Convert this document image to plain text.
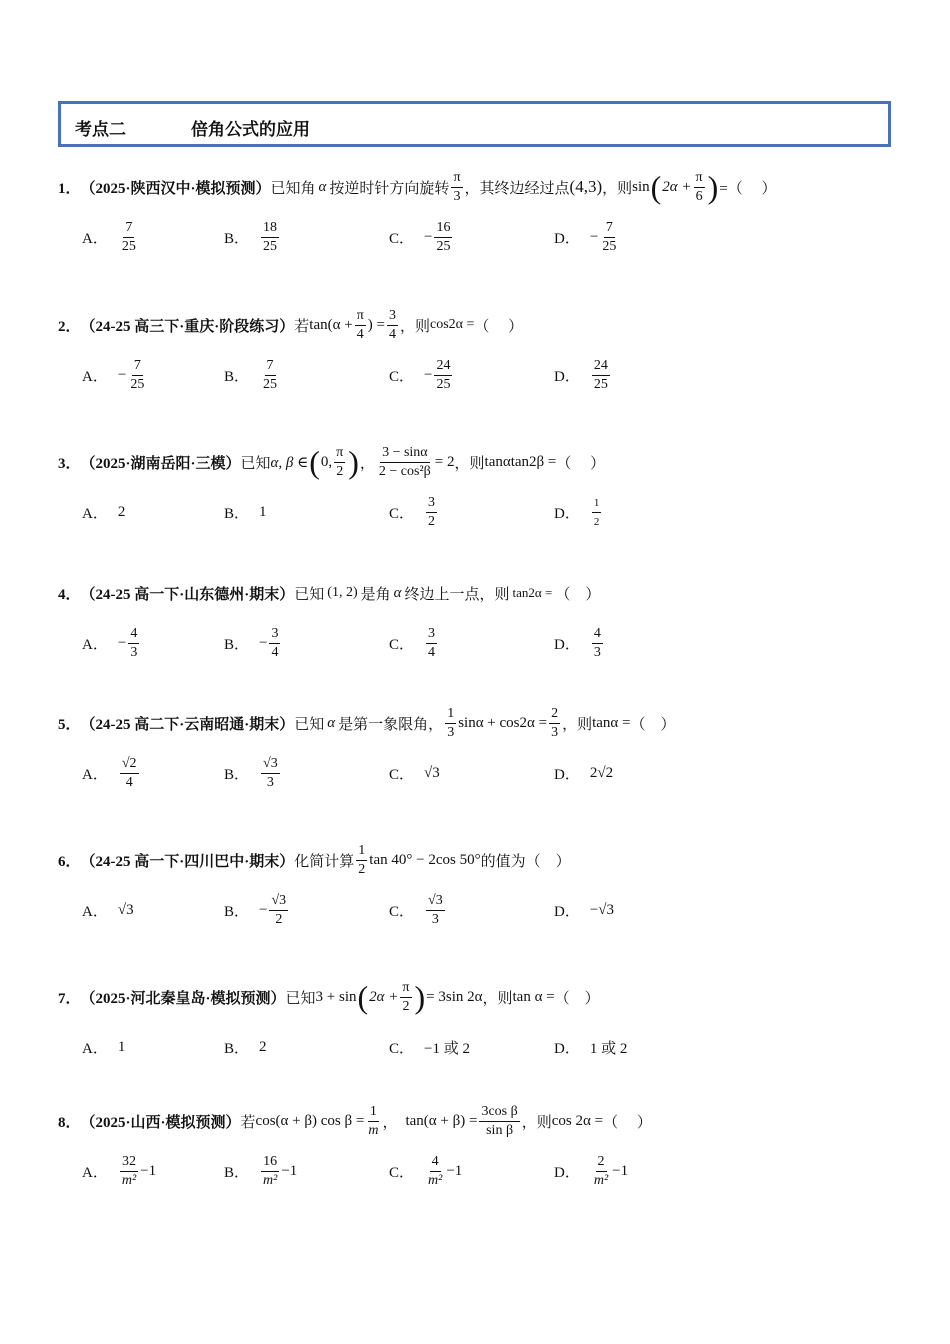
考点二	倍角公式的应用
1． （2025·陕西汉中·模拟预测） 已知角 α 按逆时针方向旋转 $\frac{\pi}{3}$ ，其终边经过点 (4,3) ，则 sin ( $2\alpha + \frac{\pi}{6}$ ) =（　 ）
A． $\frac{7}{25}$	B． $\frac{18}{25}$	C． − $\frac{16}{25}$	D． − $\frac{7}{25}$
2． （24-25 高三下·重庆·阶段练习） 若 $\tan(\alpha + \frac{\pi}{4}$ ) = $\frac{3}{4}$ ，则 cos2α = （　 ）
A． − $\frac{7}{25}$	B． $\frac{7}{25}$	C． − $\frac{24}{25}$	D． $\frac{24}{25}$
3． （2025·湖南岳阳·三模） 已知 α, β ∈ ( 0, $\frac{\pi}{2}$ ) ， $\frac{3 - \sin\alpha}{\text{2 − cos²β}} = 2$ ，则 tanαtan2β = （　 ）
A． 2	B． 1	C． $\frac{3}{2}$	D． $\frac{1}{2}$
4． （24-25 高一下·山东德州·期末） 已知 (1, 2) 是角 α 终边上一点，则 tan2α = （　）
A． − $\frac{4}{3}$	B． − $\frac{3}{4}$	C． $\frac{3}{4}$	D． $\frac{4}{3}$
5． （24-25 高二下·云南昭通·期末） 已知 α 是第一象限角， $\frac{1}{3}$ $\sin\alpha + \cos 2\alpha = \frac{2}{3}$ ，则 tanα = （　）
A． $\frac{√2}{4}$	B． $\frac{√3}{3}$	C． √3	D． 2√2
6． （24-25 高一下·四川巴中·期末） 化简计算 $\frac{1}{2}$ tan 40° − 2cos 50° 的值为（　）
A． √3	B． − $\frac{√3}{2}$	C． $\frac{√3}{3}$	D． −√3
7． （2025·河北秦皇岛·模拟预测） 已知 3 + sin ( $2\alpha + \frac{\pi}{2}$ ) = 3sin 2α ，则 tan α = （　）
A． 1	B． 2	C． −1 或 2	D． 1 或 2
8． （2025·山西·模拟预测） 若 cos(α + β) $\cos \beta = \frac{1}{m}$ ， $\tan(\alpha + \beta) = \frac{\text{3cos β}}{\text{sin β}}$ ，则 cos 2α = （　 ）
A． $\frac{32}{\text{m²}} -1$	B． $\frac{16}{\text{m²}} -1$	C． $\frac{4}{\text{m²}} -1$	D． $\frac{2}{\text{m²}} -1$
